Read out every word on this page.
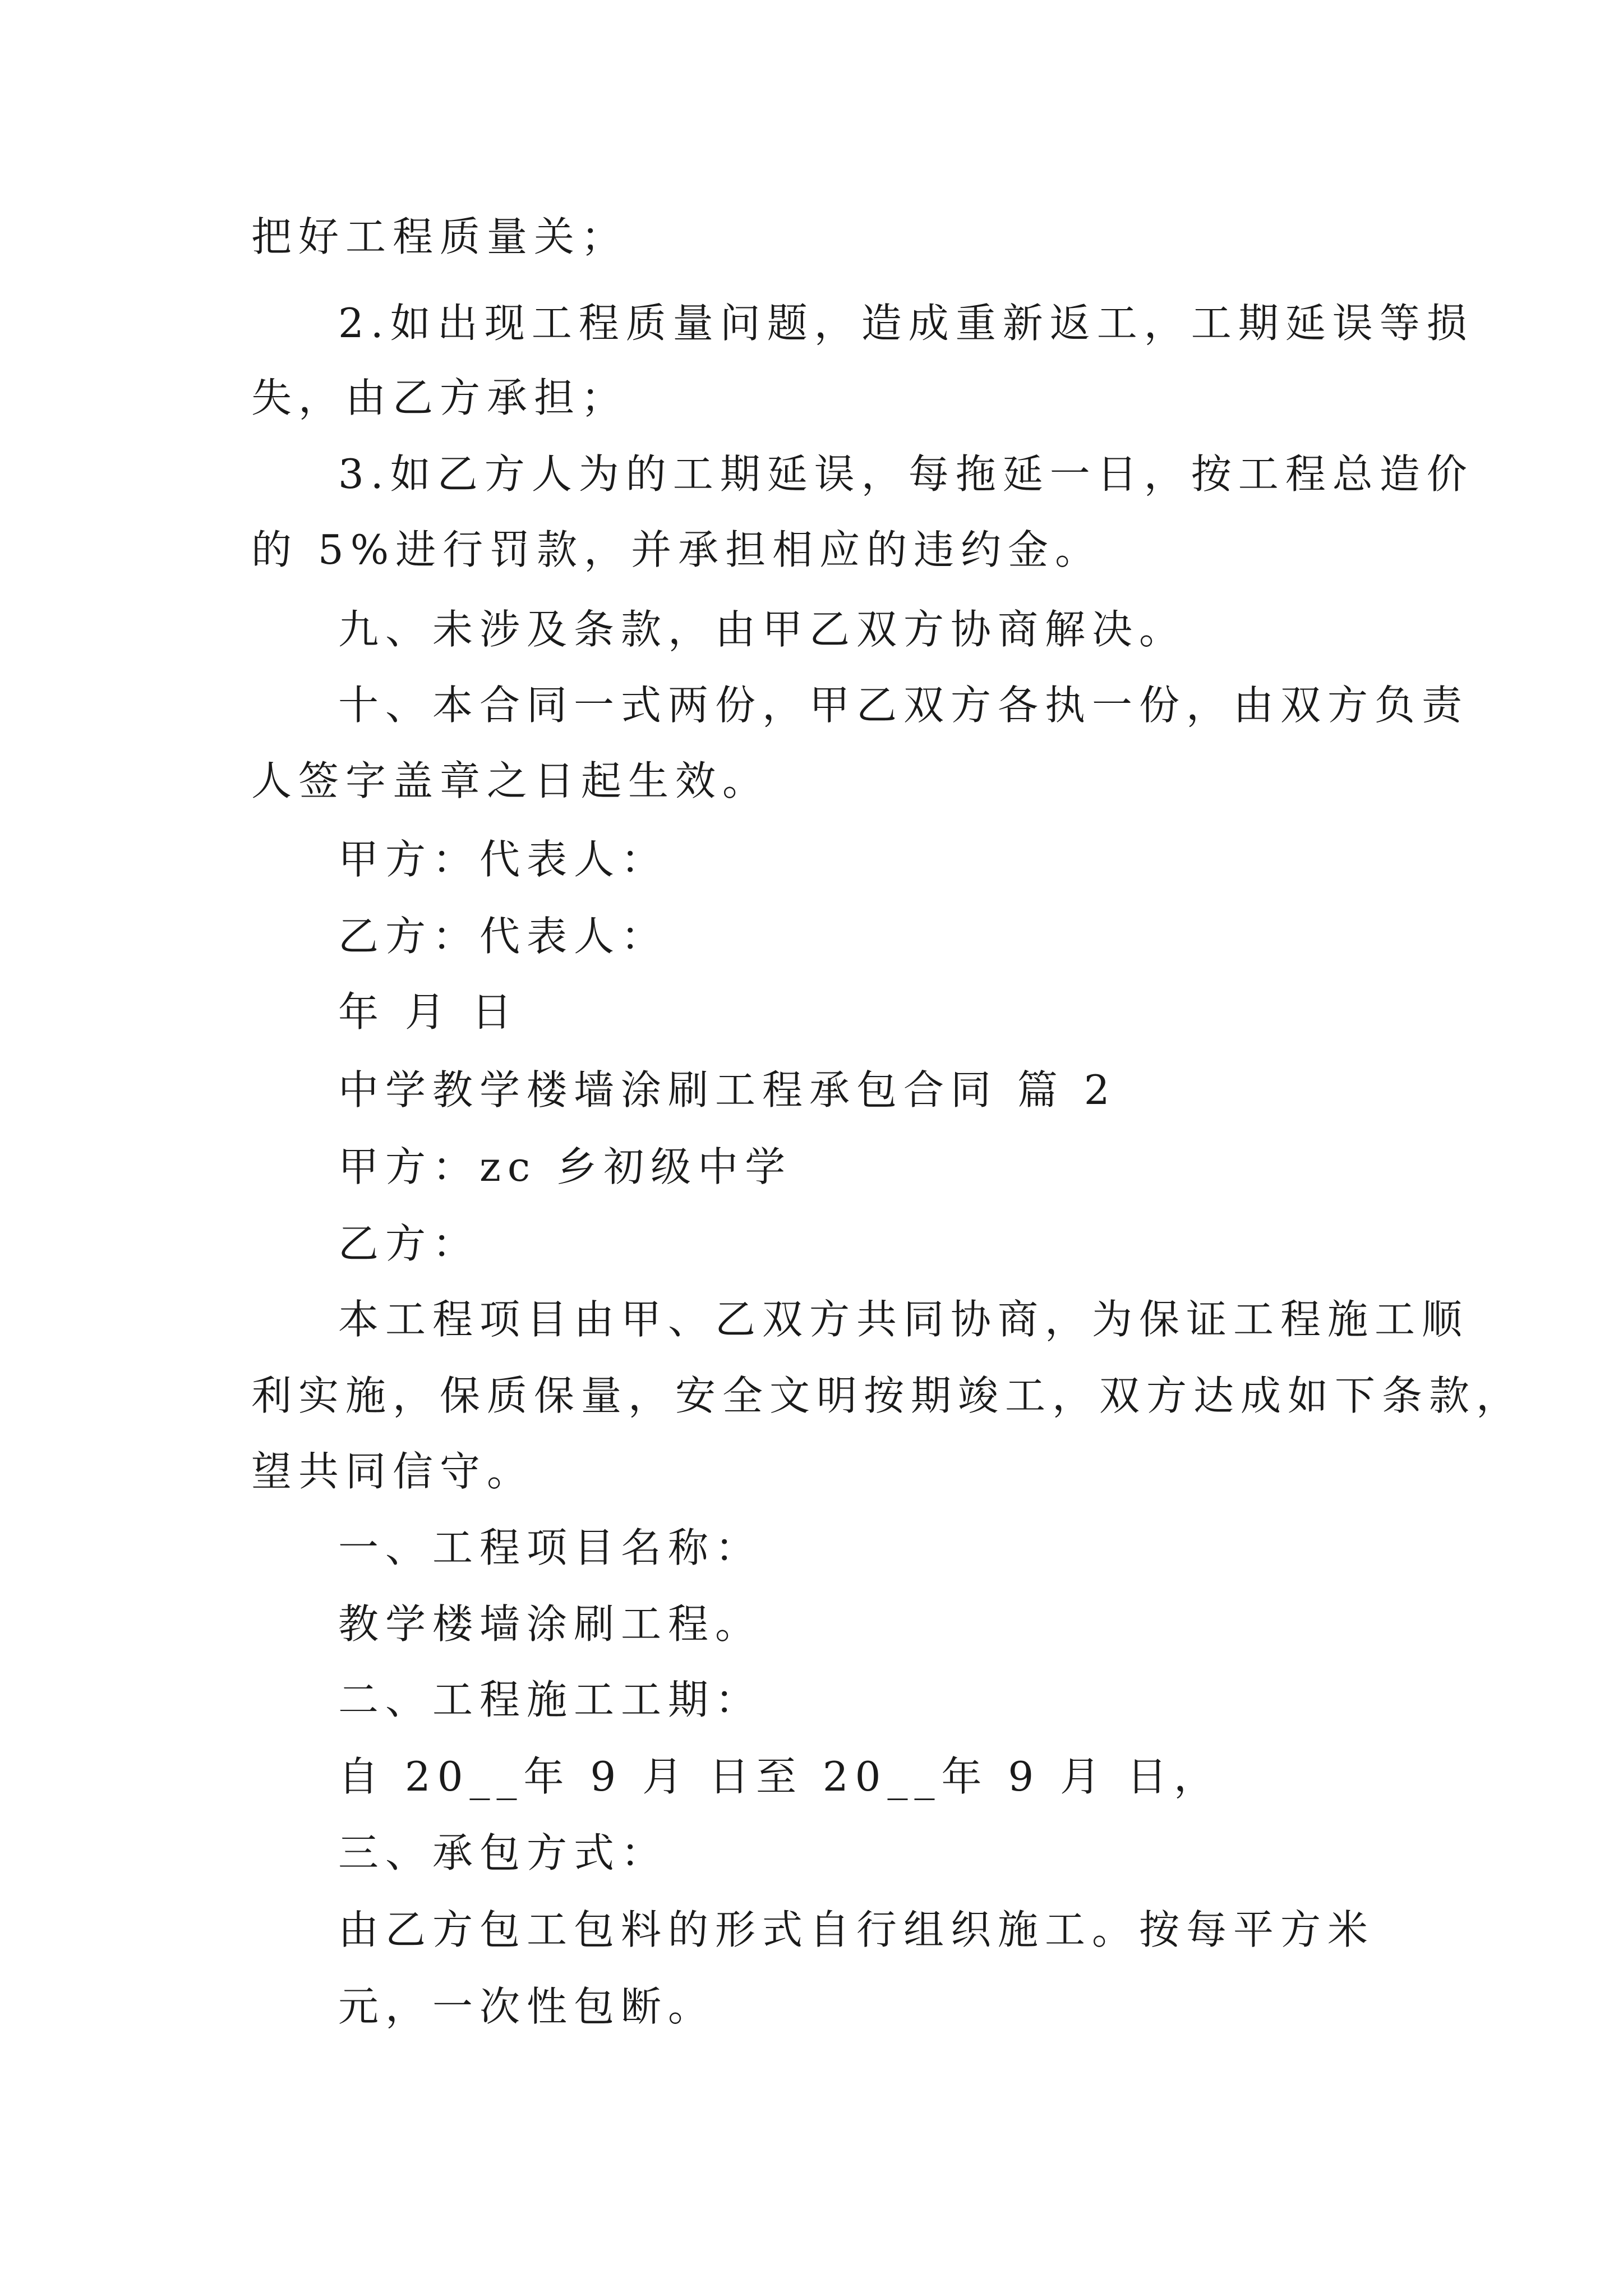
把好工程质量关；
2.如出现工程质量问题，造成重新返工，工期延误等损
失，由乙方承担；
3.如乙方人为的工期延误，每拖延一日，按工程总造价
的 5%进行罚款，并承担相应的违约金。
九、未涉及条款，由甲乙双方协商解决。
十、本合同一式两份，甲乙双方各执一份，由双方负责
人签字盖章之日起生效。
甲方：代表人：
乙方：代表人：
年 月 日
中学教学楼墙涂刷工程承包合同 篇 2
甲方：zc 乡初级中学
乙方：
本工程项目由甲、乙双方共同协商，为保证工程施工顺
利实施，保质保量，安全文明按期竣工，双方达成如下条款，
望共同信守。
一、工程项目名称：
教学楼墙涂刷工程。
二、工程施工工期：
自 20__年 9 月 日至 20__年 9 月 日，
三、承包方式：
由乙方包工包料的形式自行组织施工。按每平方米
元，一次性包断。
